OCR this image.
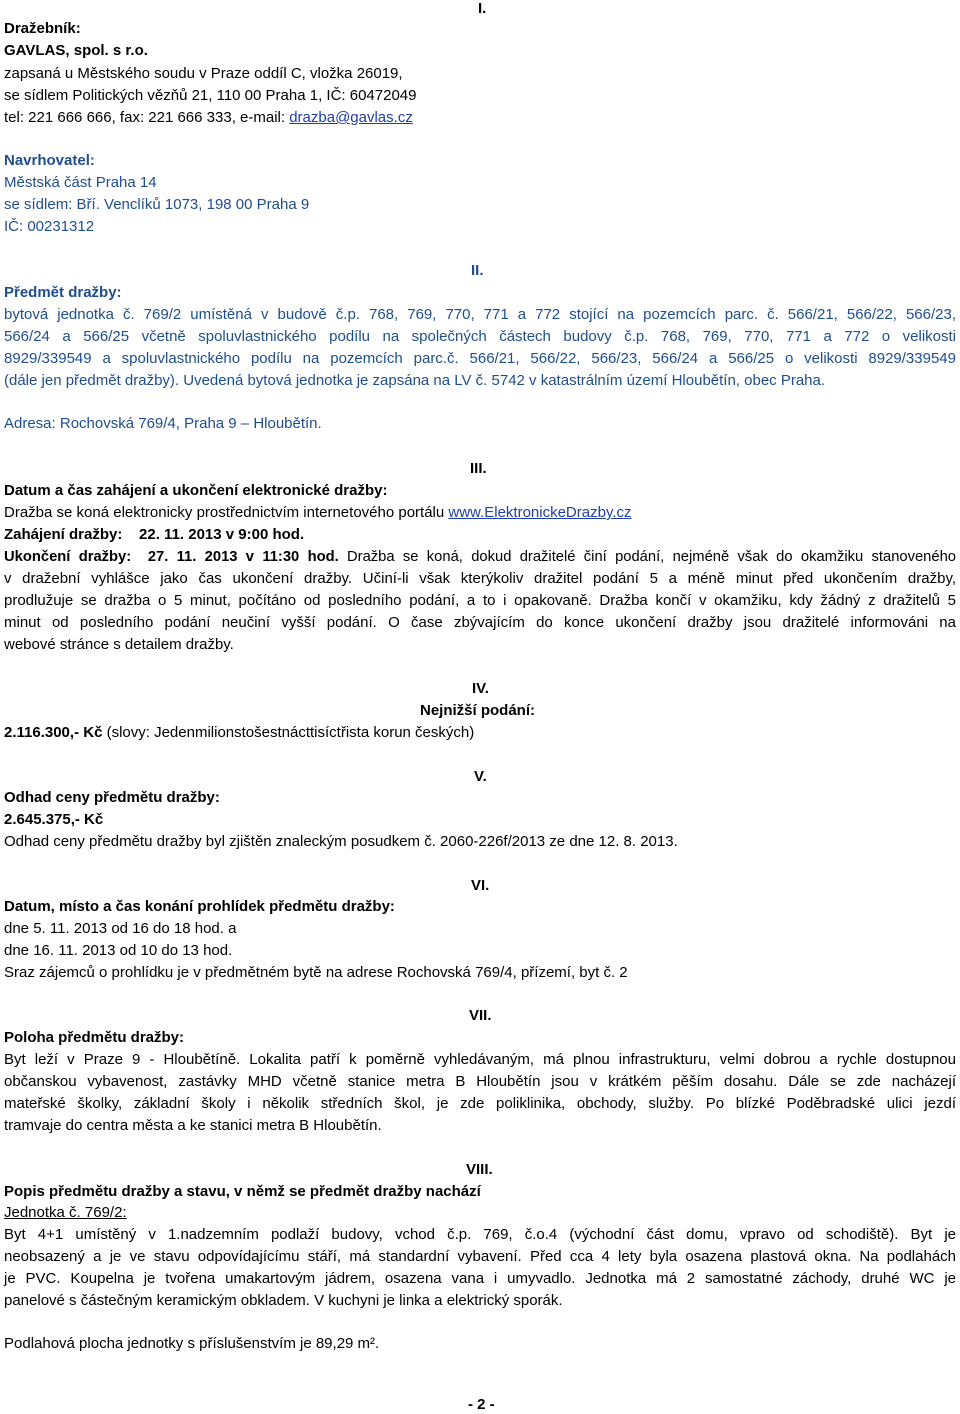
Dražebník:
GAVLAS, spol. s r.o.
zapsaná u Městského soudu v Praze oddíl C, vložka 26019,
se sídlem Politických vězňů 21, 110 00 Praha 1, IČ: 60472049
tel: 221 666 666, fax: 221 666 333, e-mail: drazba@gavlas.cz
I.
Navrhovatel:
Městská část Praha 14
se sídlem: Bří. Venclíků 1073, 198 00 Praha 9
IČ: 00231312
II.
Předmět dražby:
bytová jednotka č. 769/2 umístěná v budově č.p. 768, 769, 770, 771 a 772 stojící na pozemcích parc. č. 566/21, 566/22, 566/23,
566/24 a 566/25 včetně spoluvlastnického podílu na společných částech budovy č.p. 768, 769, 770, 771 a 772 o velikosti
8929/339549 a spoluvlastnického podílu na pozemcích parc.č. 566/21, 566/22, 566/23, 566/24 a 566/25 o velikosti 8929/339549
(dále jen předmět dražby). Uvedená bytová jednotka je zapsána na LV č. 5742 v katastrálním území Hloubětín, obec Praha.
Adresa: Rochovská 769/4, Praha 9 – Hloubětín.
III.
Datum a čas zahájení a ukončení elektronické dražby:
Dražba se koná elektronicky prostřednictvím internetového portálu www.ElektronickeDrazby.cz
Zahájení dražby: 22. 11. 2013 v 9:00 hod.
Ukončení dražby: 27. 11. 2013 v 11:30 hod. Dražba se koná, dokud dražitelé činí podání, nejméně však do okamžiku stanoveného
v dražební vyhlášce jako čas ukončení dražby. Učiní-li však kterýkoliv dražitel podání 5 a méně minut před ukončením dražby,
prodlužuje se dražba o 5 minut, počítáno od posledního podání, a to i opakovaně. Dražba končí v okamžiku, kdy žádný z dražitelů 5
minut od posledního podání neučiní vyšší podání. O čase zbývajícím do konce ukončení dražby jsou dražitelé informováni na
webové stránce s detailem dražby.
IV.
Nejnižší podání:
2.116.300,- Kč (slovy: Jedenmilionstošestnácttisíctřista korun českých)
V.
Odhad ceny předmětu dražby:
2.645.375,- Kč
Odhad ceny předmětu dražby byl zjištěn znaleckým posudkem č. 2060-226f/2013 ze dne 12. 8. 2013.
VI.
Datum, místo a čas konání prohlídek předmětu dražby:
dne 5. 11. 2013 od 16 do 18 hod. a
dne 16. 11. 2013 od 10 do 13 hod.
Sraz zájemců o prohlídku je v předmětném bytě na adrese Rochovská 769/4, přízemí, byt č. 2
VII.
Poloha předmětu dražby:
Byt leží v Praze 9 - Hloubětíně. Lokalita patří k poměrně vyhledávaným, má plnou infrastrukturu, velmi dobrou a rychle dostupnou
občanskou vybavenost, zastávky MHD včetně stanice metra B Hloubětín jsou v krátkém pěším dosahu. Dále se zde nacházejí
mateřské školky, základní školy i několik středních škol, je zde poliklinika, obchody, služby. Po blízké Poděbradské ulici jezdí
tramvaje do centra města a ke stanici metra B Hloubětín.
VIII.
Popis předmětu dražby a stavu, v němž se předmět dražby nachází
Jednotka č. 769/2:
Byt 4+1 umístěný v 1.nadzemním podlaží budovy, vchod č.p. 769, č.o.4 (východní část domu, vpravo od schodiště). Byt je
neobsazený a je ve stavu odpovídajícímu stáří, má standardní vybavení. Před cca 4 lety byla osazena plastová okna. Na podlahách
je PVC. Koupelna je tvořena umakartovým jádrem, osazena vana i umyvadlo. Jednotka má 2 samostatné záchody, druhé WC je
panelové s částečným keramickým obkladem. V kuchyni je linka a elektrický sporák.
Podlahová plocha jednotky s příslušenstvím je 89,29 m².
- 2 -
